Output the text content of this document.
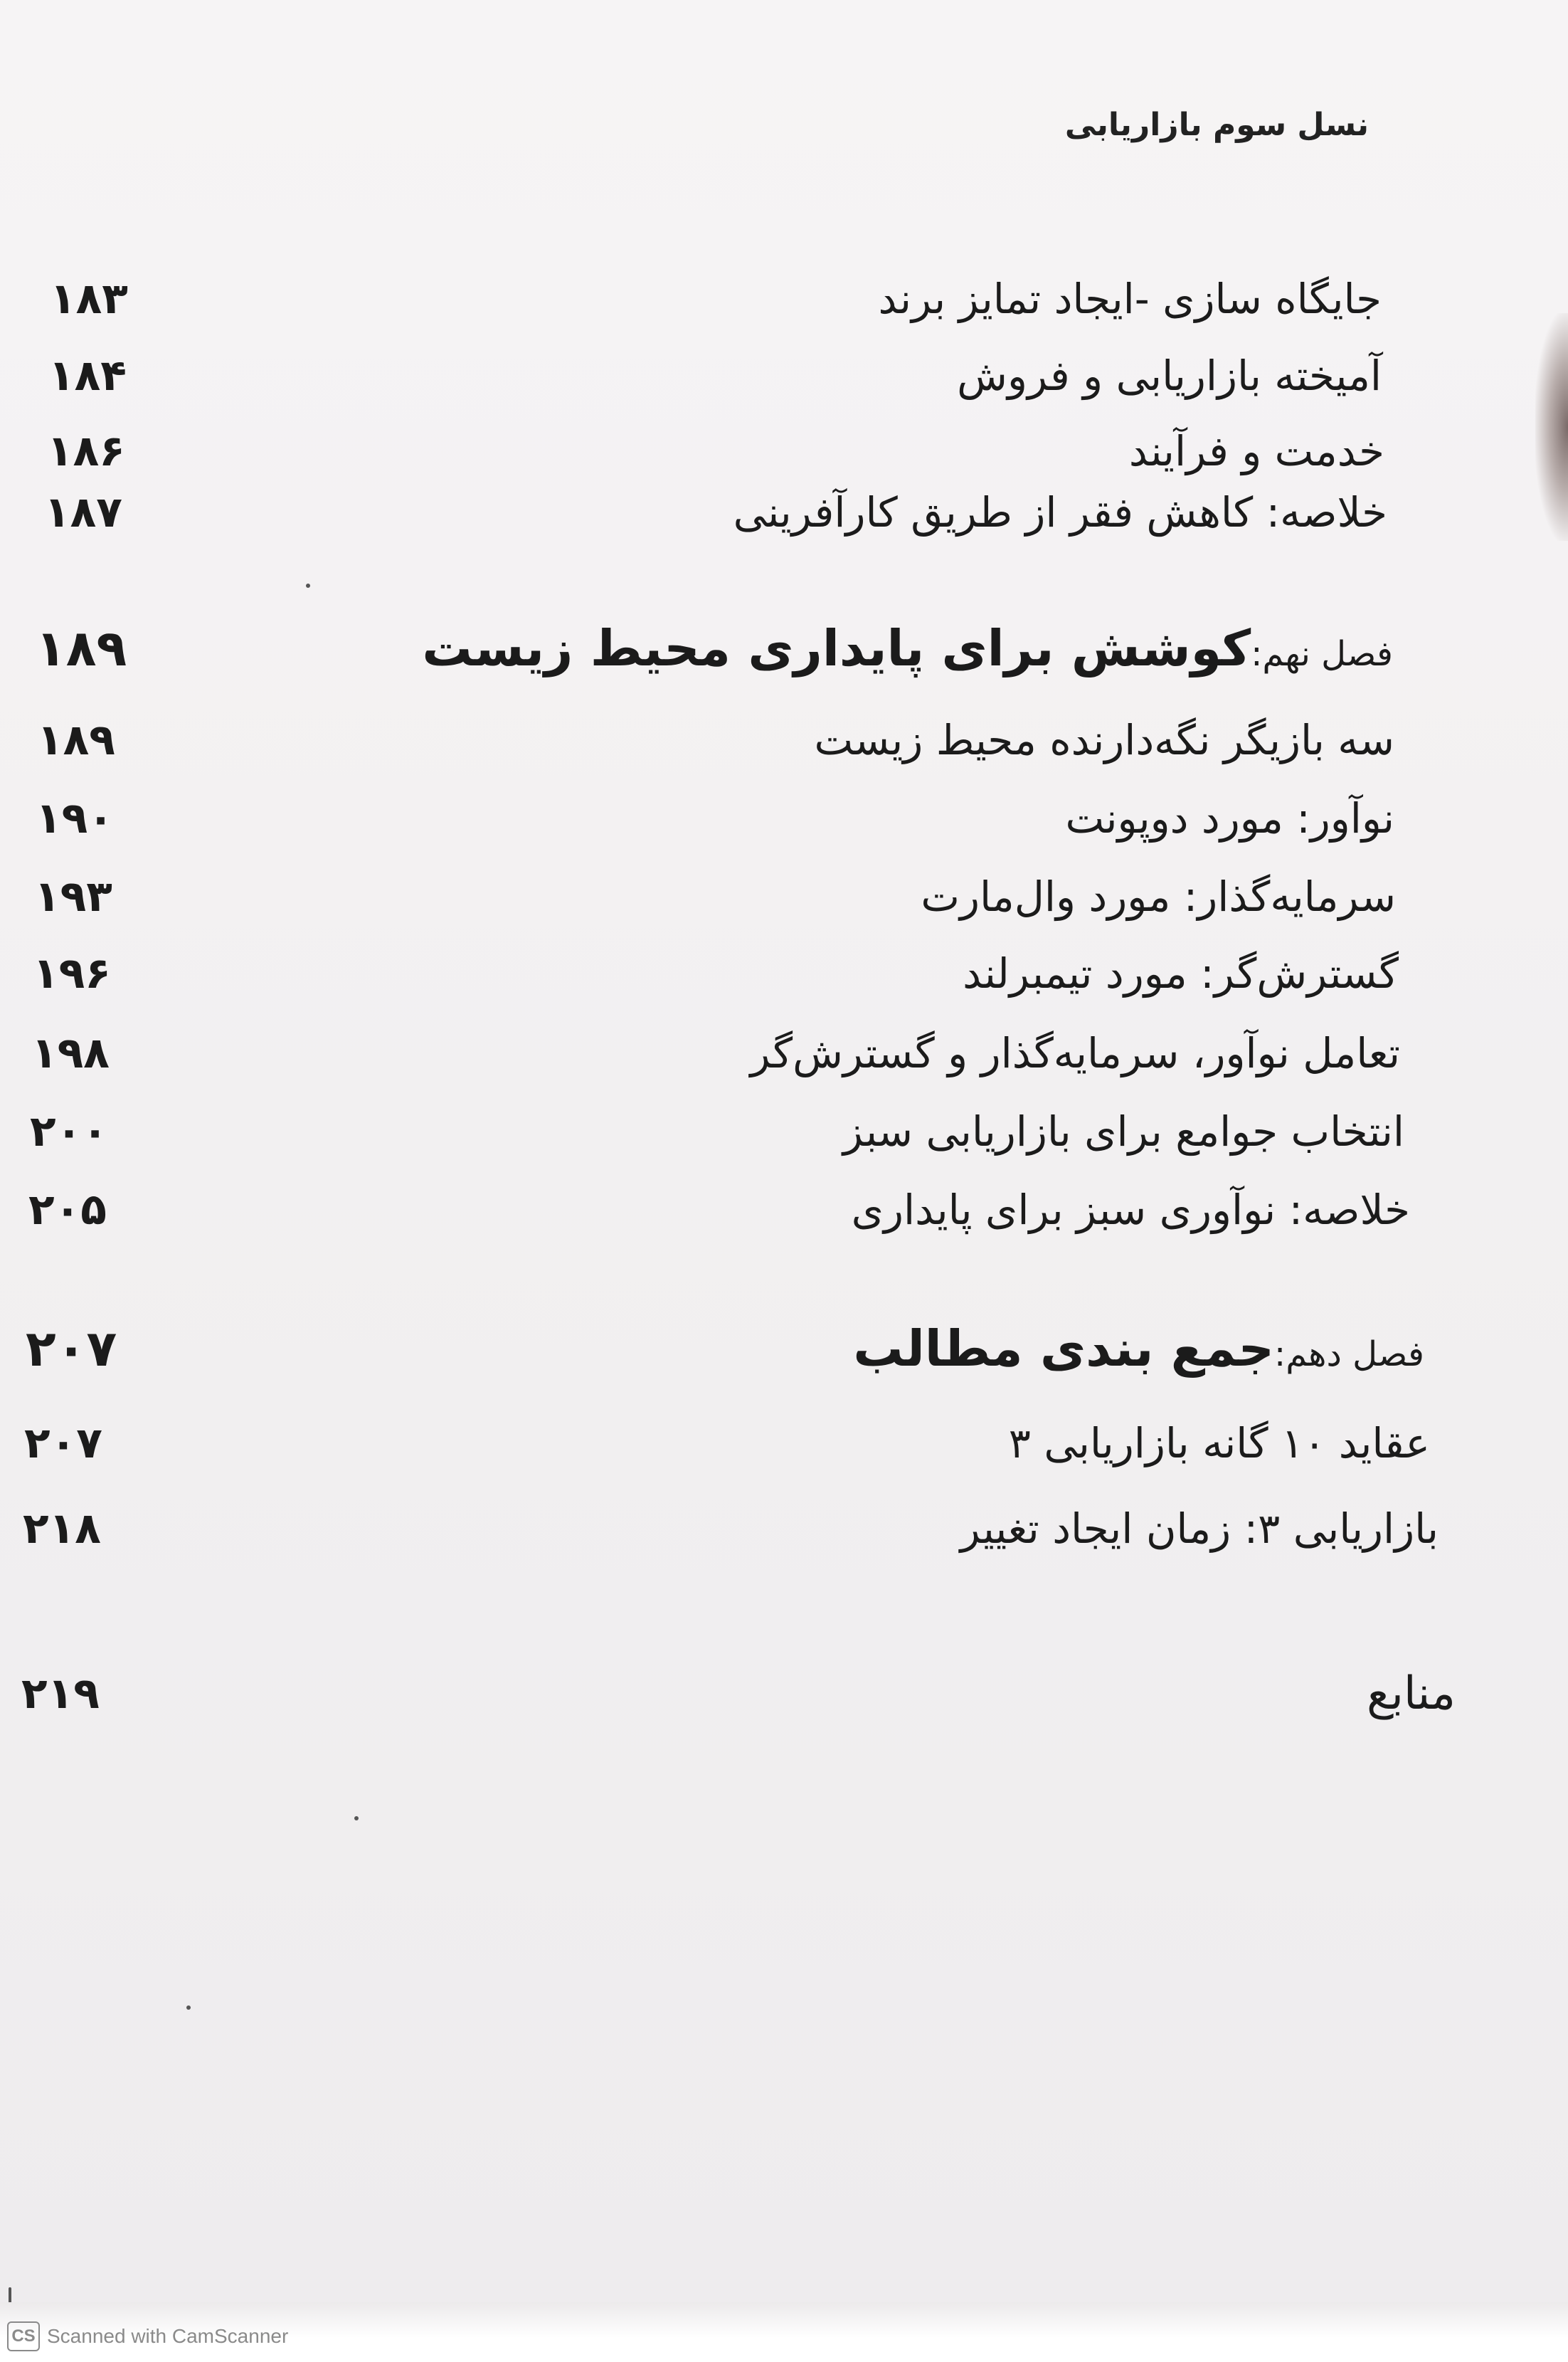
نسل سوم بازاریابی
جایگاه سازی -ایجاد تمایز برند
۱۸۳
آمیخته بازاریابی و فروش
۱۸۴
خدمت و فرآیند
۱۸۶
خلاصه: کاهش فقر از طریق کارآفرینی
۱۸۷
فصل نهم:کوشش برای پایداری محیط زیست
۱۸۹
سه بازیگر نگه‌دارنده محیط زیست
۱۸۹
نوآور: مورد دوپونت
۱۹۰
سرمایه‌گذار: مورد وال‌مارت
۱۹۳
گسترش‌گر: مورد تیمبرلند
۱۹۶
تعامل نوآور، سرمایه‌گذار و گسترش‌گر
۱۹۸
انتخاب جوامع برای بازاریابی سبز
۲۰۰
خلاصه: نوآوری سبز برای پایداری
۲۰۵
فصل دهم:جمع بندی مطالب
۲۰۷
عقاید ۱۰ گانه بازاریابی ۳
۲۰۷
بازاریابی ۳: زمان ایجاد تغییر
۲۱۸
منابع
۲۱۹
CS Scanned with CamScanner
